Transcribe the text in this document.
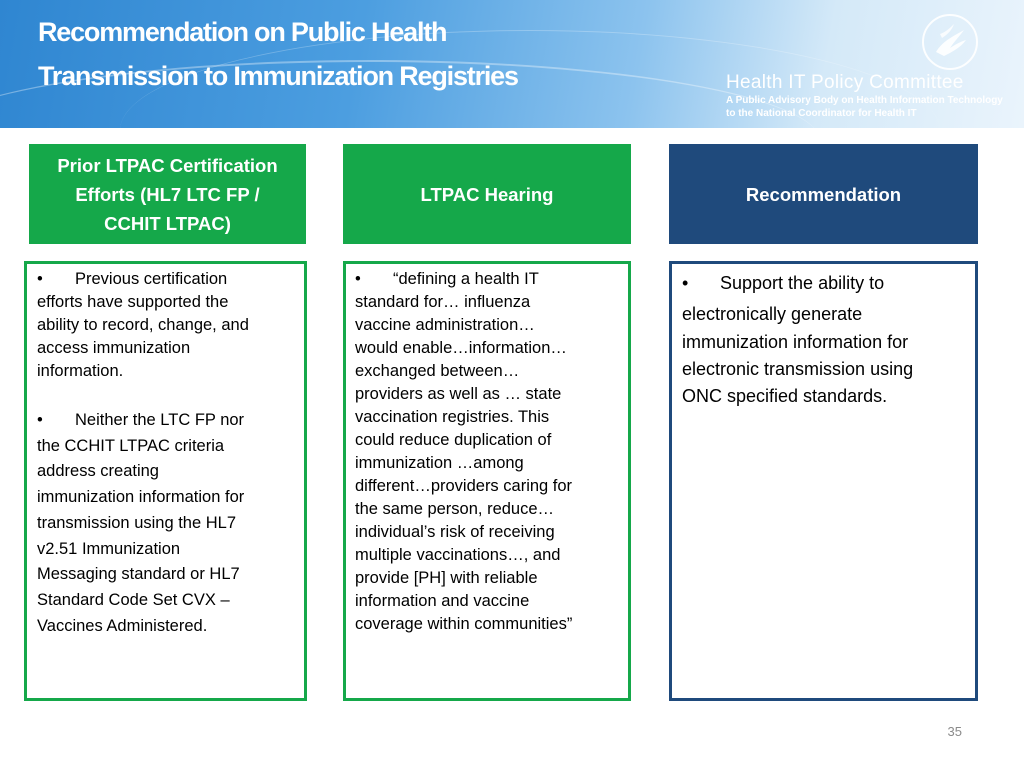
Recommendation on Public Health
Transmission to Immunization Registries	Health IT Policy Committee
A Public Advisory Body on Health Information Technology
to the National Coordinator for Health IT
Prior LTPAC Certification
Efforts (HL7 LTC FP /
CCHIT LTPAC)
LTPAC Hearing	Recommendation
• Previous certification
efforts have supported the
ability to record, change, and
access immunization
information.
• Neither the LTC FP nor
the CCHIT LTPAC criteria
address creating
immunization information for
transmission using the HL7
v2.51 Immunization
Messaging standard or HL7
Standard Code Set CVX –
Vaccines Administered.
• “defining a health IT
standard for… influenza
vaccine administration…
would enable…information…
exchanged between…
providers as well as … state
vaccination registries. This
could reduce duplication of
immunization …among
different…providers caring for
the same person, reduce…
individual’s risk of receiving
multiple vaccinations…, and
provide [PH] with reliable
information and vaccine
coverage within communities”
• Support the ability to
electronically generate
immunization information for
electronic transmission using
ONC specified standards.
35
